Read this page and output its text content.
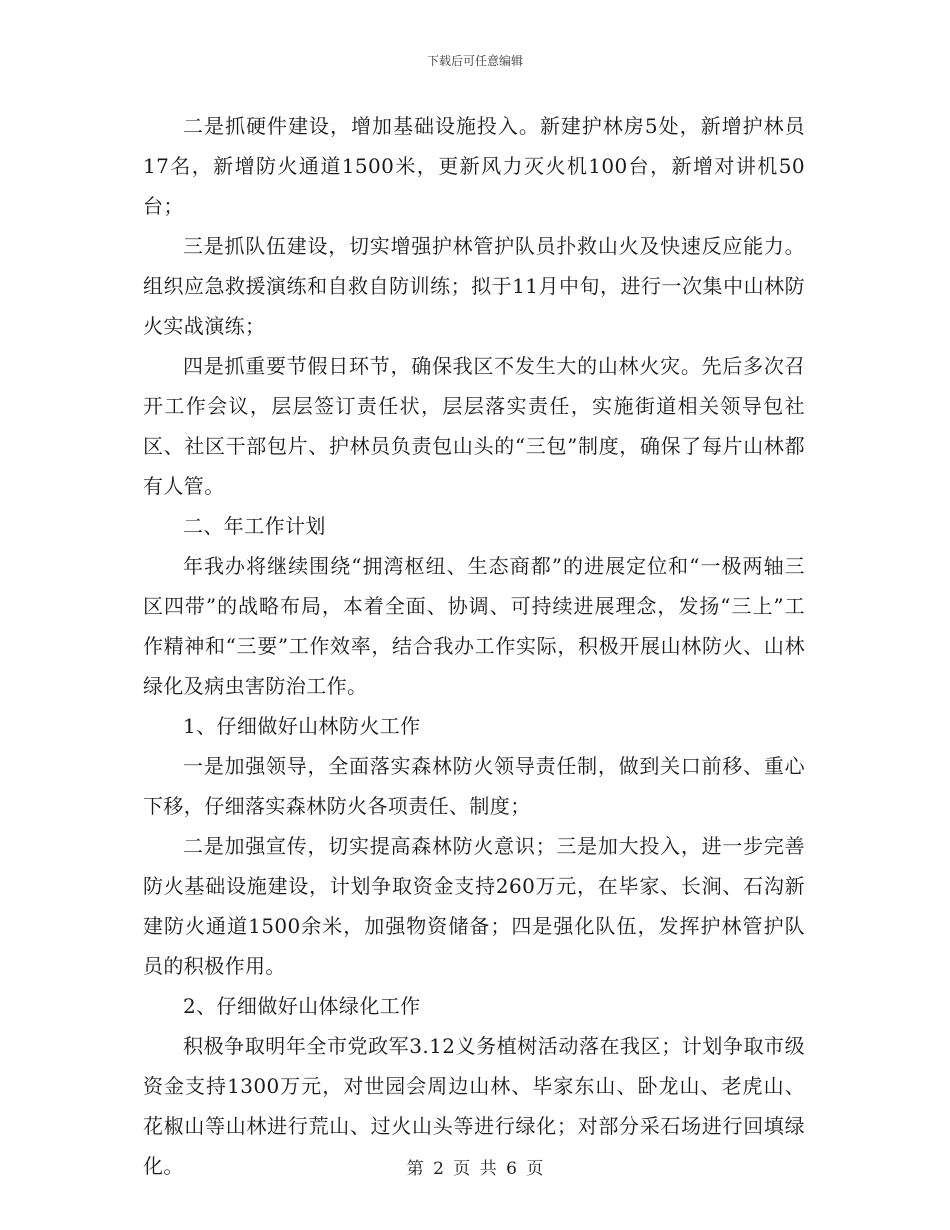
下载后可任意编辑

二是抓硬件建设，增加基础设施投入。新建护林房5处，新增护林员17名，新增防火通道1500米，更新风力灭火机100台，新增对讲机50台；

三是抓队伍建设，切实增强护林管护队员扑救山火及快速反应能力。组织应急救援演练和自救自防训练；拟于11月中旬，进行一次集中山林防火实战演练；

四是抓重要节假日环节，确保我区不发生大的山林火灾。先后多次召开工作会议，层层签订责任状，层层落实责任，实施街道相关领导包社区、社区干部包片、护林员负责包山头的“三包”制度，确保了每片山林都有人管。

二、年工作计划

年我办将继续围绕“拥湾枢纽、生态商都”的进展定位和“一极两轴三区四带”的战略布局，本着全面、协调、可持续进展理念，发扬“三上”工作精神和“三要”工作效率，结合我办工作实际，积极开展山林防火、山林绿化及病虫害防治工作。

1、仔细做好山林防火工作

一是加强领导，全面落实森林防火领导责任制，做到关口前移、重心下移，仔细落实森林防火各项责任、制度；

二是加强宣传，切实提高森林防火意识；三是加大投入，进一步完善防火基础设施建设，计划争取资金支持260万元，在毕家、长涧、石沟新建防火通道1500余米，加强物资储备；四是强化队伍，发挥护林管护队员的积极作用。

2、仔细做好山体绿化工作

积极争取明年全市党政军3.12义务植树活动落在我区；计划争取市级资金支持1300万元，对世园会周边山林、毕家东山、卧龙山、老虎山、花椒山等山林进行荒山、过火山头等进行绿化；对部分采石场进行回填绿化。	第 2 页 共 6 页
